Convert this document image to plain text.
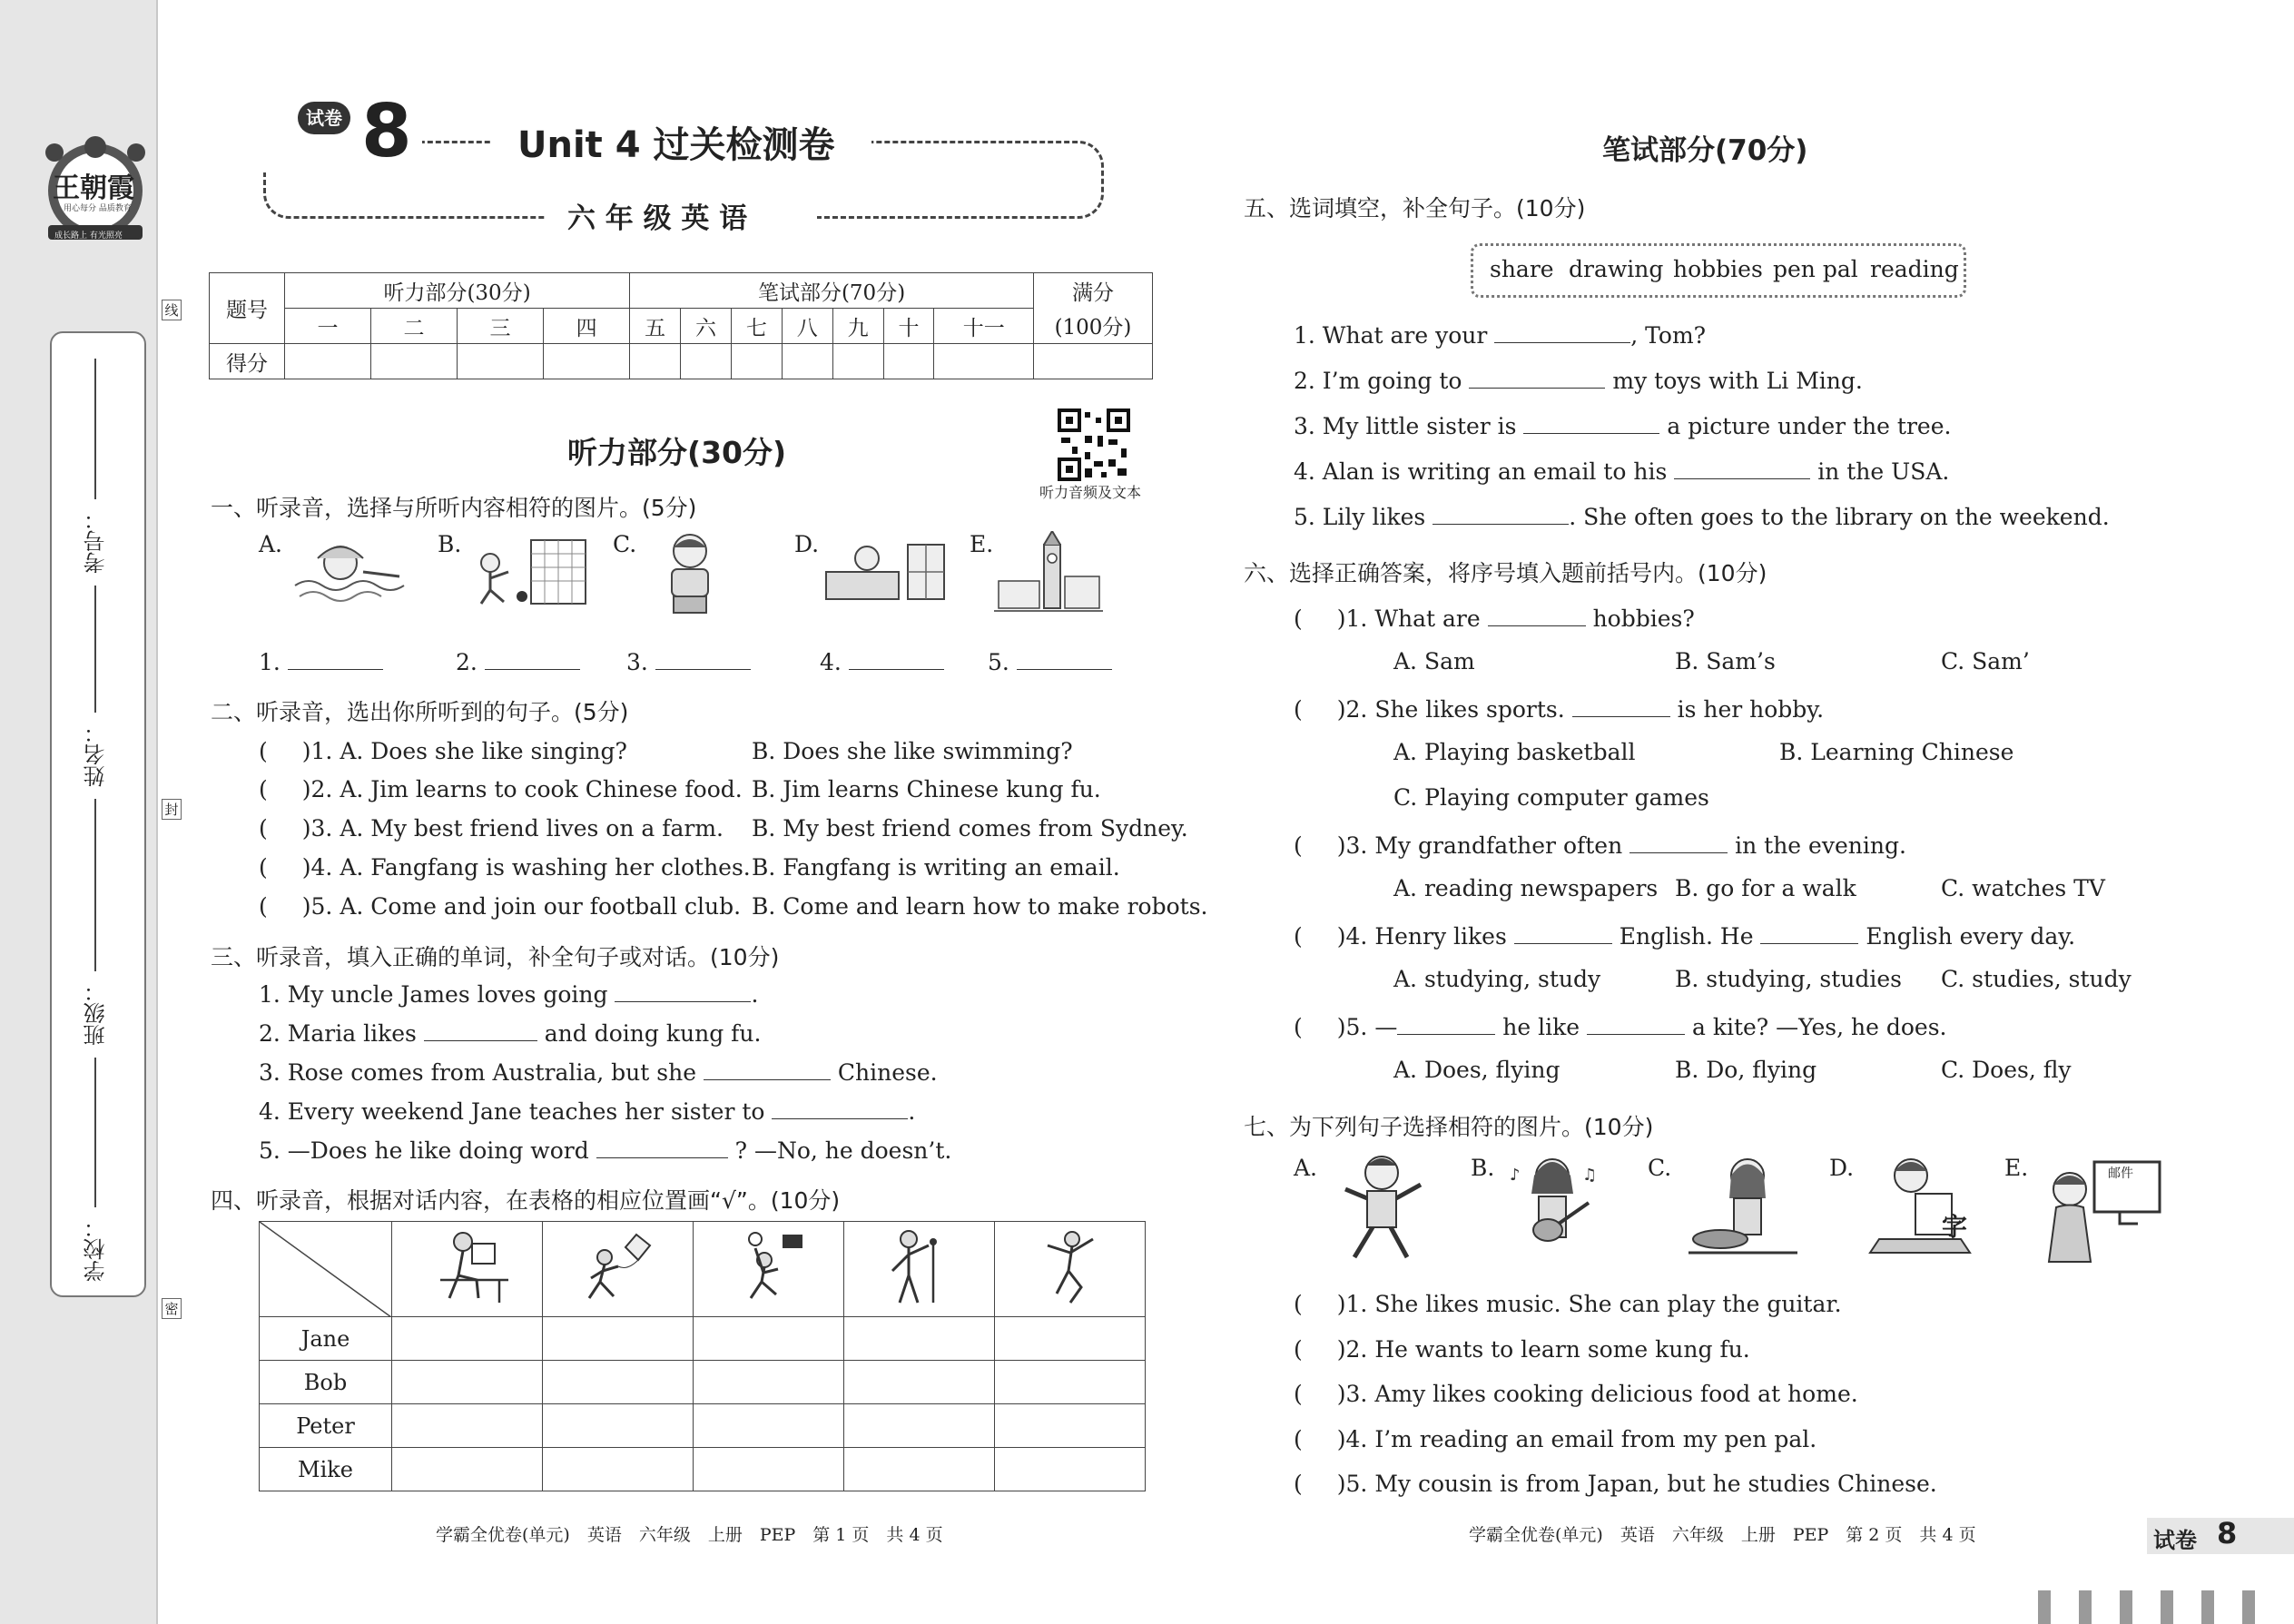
王朝霞
用心每分 品质教育
成长路上 有光照亮
考号：
姓名：
班级：
学校：
线
封
密
试卷 8	Unit 4 过关检测卷
六 年 级 英 语
题号	听力部分(30分)				笔试部分(70分)							满分
	一	二	三	四	五	六	七	八	九	十	十一	(100分)
得分												
听力部分(30分)
听力音频及文本
一、听录音，选择与所听内容相符的图片。(5分)
A.	B.	C.	D.	E.
1.	2.	3.	4.	5.
二、听录音，选出你所听到的句子。(5分)
( )1. A. Does she like singing?	B. Does she like swimming?
( )2. A. Jim learns to cook Chinese food. B. Jim learns Chinese kung fu.
( )3. A. My best friend lives on a farm. B. My best friend comes from Sydney.
( )4. A. Fangfang is washing her clothes. B. Fangfang is writing an email.
( )5. A. Come and join our football club. B. Come and learn how to make robots.
三、听录音，填入正确的单词，补全句子或对话。(10分)
1. My uncle James loves going	.
2. Maria likes	and doing kung fu.
3. Rose comes from Australia, but she	Chinese.
4. Every weekend Jane teaches her sister to	.
5. —Does he like doing word	? —No, he doesn’t.
四、听录音，根据对话内容，在表格的相应位置画“√”。(10分)

Jane					
Bob					
Peter					
Mike					
学霸全优卷(单元)　英语　六年级　上册　PEP　第 1 页　共 4 页
笔试部分(70分)
五、选词填空，补全句子。(10分)
share drawing hobbies pen pal reading
1. What are your	, Tom?
2. I’m going to	my toys with Li Ming.
3. My little sister is	a picture under the tree.
4. Alan is writing an email to his	in the USA.
5. Lily likes	. She often goes to the library on the weekend.
六、选择正确答案，将序号填入题前括号内。(10分)
( )1. What are	hobbies?
A. Sam	B. Sam’s	C. Sam’
( )2. She likes sports.	is her hobby.
A. Playing basketball	B. Learning Chinese
C. Playing computer games
( )3. My grandfather often	in the evening.
A. reading newspapers B. go for a walk	C. watches TV
( )4. Henry likes	English. He	English every day.
A. studying, study	B. studying, studies C. studies, study
( )5. —	he like	a kite? —Yes, he does.
A. Does, flying	B. Do, flying	C. Does, fly
七、为下列句子选择相符的图片。(10分)
A.	B.	C.	D.	E.
♪	♫
字
邮件
( )1. She likes music. She can play the guitar.
( )2. He wants to learn some kung fu.
( )3. Amy likes cooking delicious food at home.
( )4. I’m reading an email from my pen pal.
( )5. My cousin is from Japan, but he studies Chinese.
学霸全优卷(单元)　英语　六年级　上册　PEP　第 2 页　共 4 页	试卷 8
